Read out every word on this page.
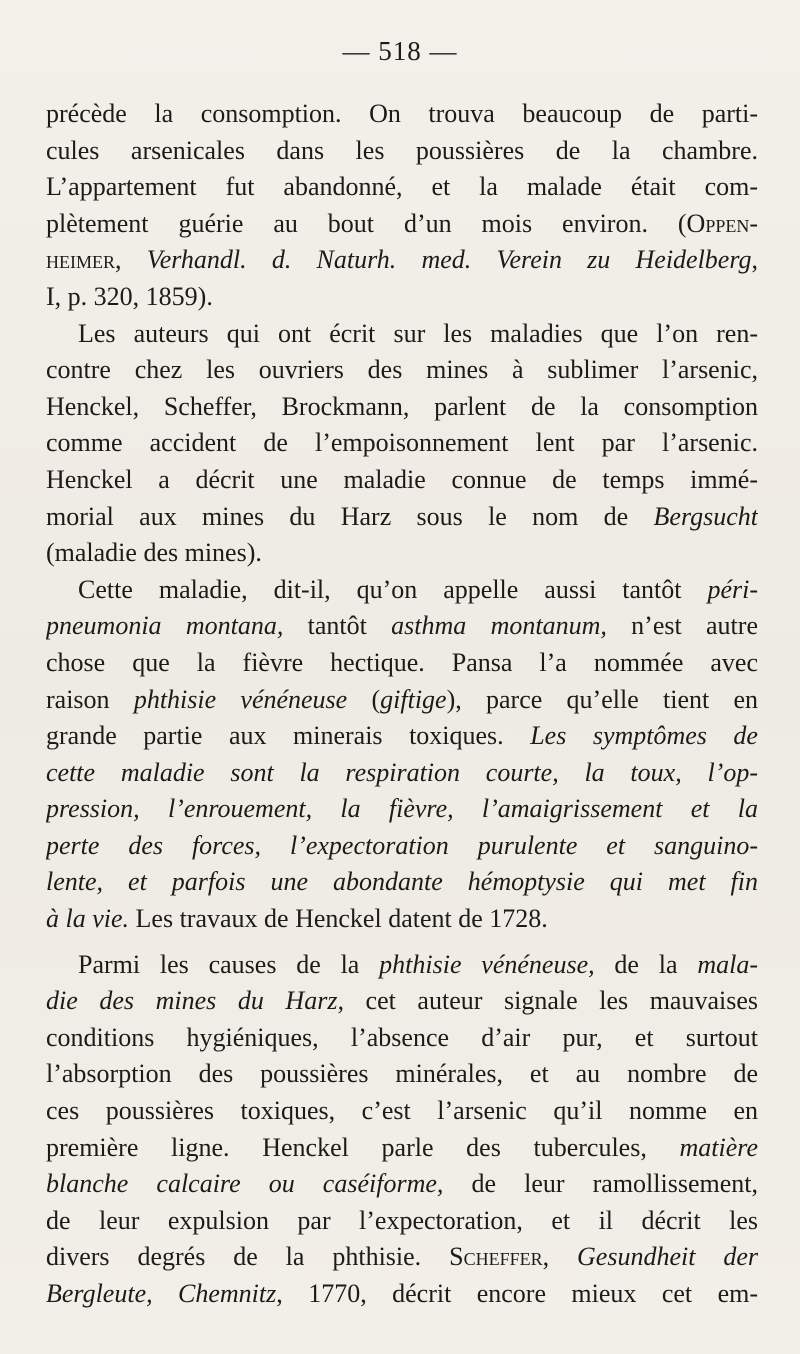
— 518 —
précède la consomption. On trouva beaucoup de parti-
cules arsenicales dans les poussières de la chambre.
L’appartement fut abandonné, et la malade était com-
plètement guérie au bout d’un mois environ. (Oppen-
heimer, Verhandl. d. Naturh. med. Verein zu Heidelberg,
I, p. 320, 1859).
Les auteurs qui ont écrit sur les maladies que l’on ren-
contre chez les ouvriers des mines à sublimer l’arsenic,
Henckel, Scheffer, Brockmann, parlent de la consomption
comme accident de l’empoisonnement lent par l’arsenic.
Henckel a décrit une maladie connue de temps immé-
morial aux mines du Harz sous le nom de Bergsucht
(maladie des mines).
Cette maladie, dit-il, qu’on appelle aussi tantôt péri-
pneumonia montana, tantôt asthma montanum, n’est autre
chose que la fièvre hectique. Pansa l’a nommée avec
raison phthisie vénéneuse (giftige), parce qu’elle tient en
grande partie aux minerais toxiques. Les symptômes de
cette maladie sont la respiration courte, la toux, l’op-
pression, l’enrouement, la fièvre, l’amaigrissement et la
perte des forces, l’expectoration purulente et sanguino-
lente, et parfois une abondante hémoptysie qui met fin
à la vie. Les travaux de Henckel datent de 1728.
Parmi les causes de la phthisie vénéneuse, de la mala-
die des mines du Harz, cet auteur signale les mauvaises
conditions hygiéniques, l’absence d’air pur, et surtout
l’absorption des poussières minérales, et au nombre de
ces poussières toxiques, c’est l’arsenic qu’il nomme en
première ligne. Henckel parle des tubercules, matière
blanche calcaire ou caséiforme, de leur ramollissement,
de leur expulsion par l’expectoration, et il décrit les
divers degrés de la phthisie. Scheffer, Gesundheit der
Bergleute, Chemnitz, 1770, décrit encore mieux cet em-
